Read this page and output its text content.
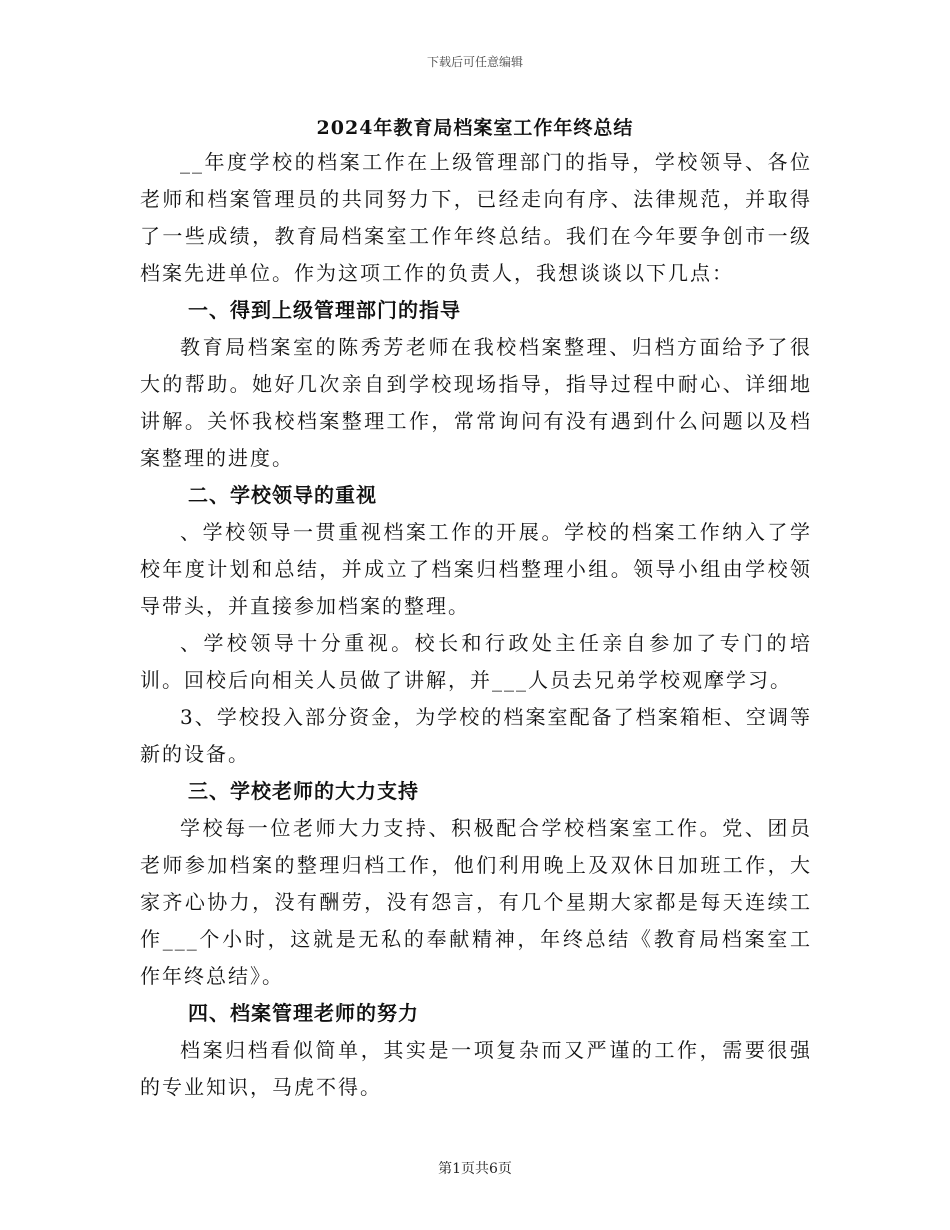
下载后可任意编辑
2024年教育局档案室工作年终总结

__年度学校的档案工作在上级管理部门的指导，学校领导、各位老师和档案管理员的共同努力下，已经走向有序、法律规范，并取得了一些成绩，教育局档案室工作年终总结。我们在今年要争创市一级档案先进单位。作为这项工作的负责人，我想谈谈以下几点：

一、得到上级管理部门的指导

教育局档案室的陈秀芳老师在我校档案整理、归档方面给予了很大的帮助。她好几次亲自到学校现场指导，指导过程中耐心、详细地讲解。关怀我校档案整理工作，常常询问有没有遇到什么问题以及档案整理的进度。

二、学校领导的重视

、学校领导一贯重视档案工作的开展。学校的档案工作纳入了学校年度计划和总结，并成立了档案归档整理小组。领导小组由学校领导带头，并直接参加档案的整理。

、学校领导十分重视。校长和行政处主任亲自参加了专门的培训。回校后向相关人员做了讲解，并___人员去兄弟学校观摩学习。

3、学校投入部分资金，为学校的档案室配备了档案箱柜、空调等新的设备。

三、学校老师的大力支持

学校每一位老师大力支持、积极配合学校档案室工作。党、团员老师参加档案的整理归档工作，他们利用晚上及双休日加班工作，大家齐心协力，没有酬劳，没有怨言，有几个星期大家都是每天连续工作___个小时，这就是无私的奉献精神，年终总结《教育局档案室工作年终总结》。

四、档案管理老师的努力

档案归档看似简单，其实是一项复杂而又严谨的工作，需要很强的专业知识，马虎不得。

第1页共6页
